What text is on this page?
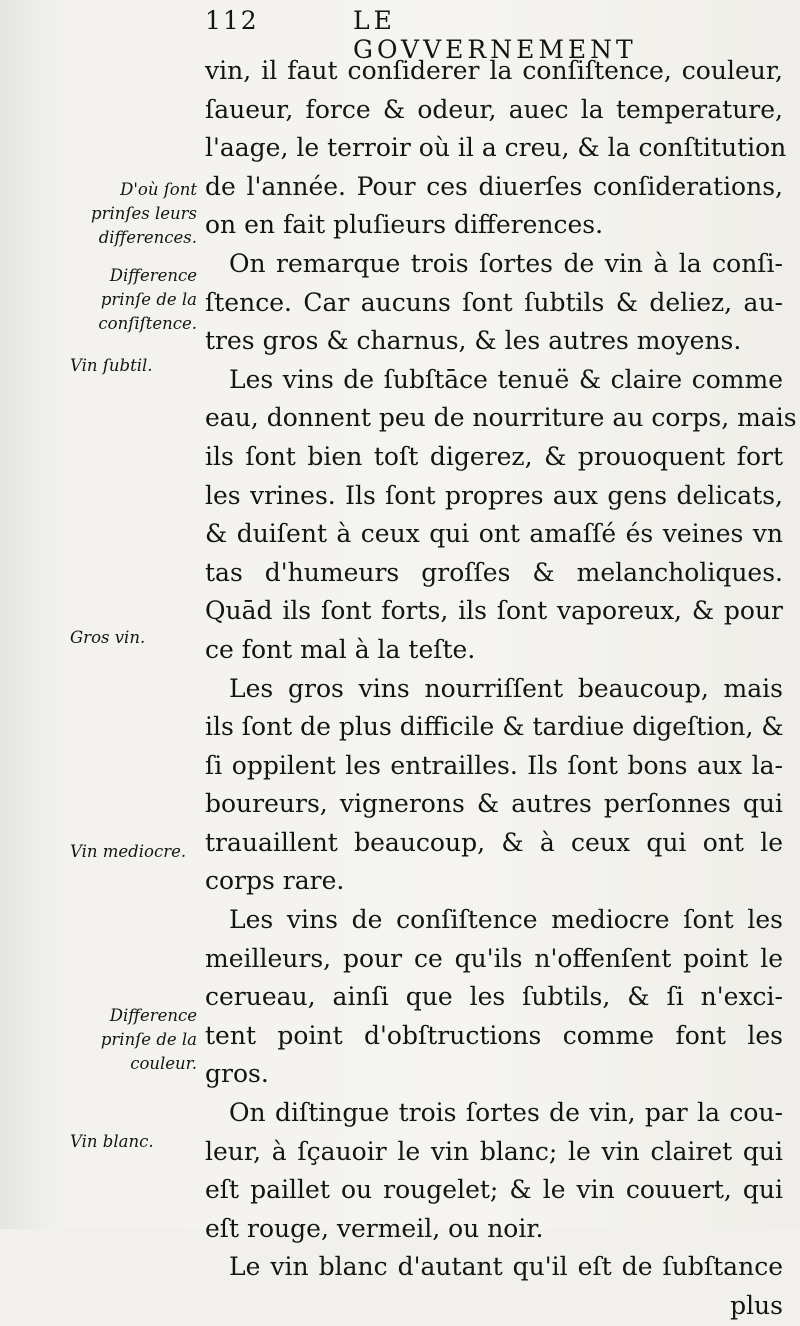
112	LE GOVVERNEMENT
vin, il faut conſiderer la conſiſtence, couleur,
ſaueur, force & odeur, auec la temperature,
l'aage, le terroir où il a creu, & la conſtitution
de l'année. Pour ces diuerſes conſiderations,
on en fait pluſieurs differences.
On remarque trois ſortes de vin à la conſi-
ſtence. Car aucuns ſont ſubtils & deliez, au-
tres gros & charnus, & les autres moyens.
Les vins de ſubſtāce tenuë & claire comme
eau, donnent peu de nourriture au corps, mais
ils ſont bien toſt digerez, & prouoquent fort
les vrines. Ils ſont propres aux gens delicats,
& duiſent à ceux qui ont amaſſé és veines vn
tas d'humeurs groſſes & melancholiques.
Quād ils ſont forts, ils ſont vaporeux, & pour
ce font mal à la teſte.
Les gros vins nourriſſent beaucoup, mais
ils ſont de plus difficile & tardiue digeſtion, &
ſi oppilent les entrailles. Ils ſont bons aux la-
boureurs, vignerons & autres perſonnes qui
trauaillent beaucoup, & à ceux qui ont le
corps rare.
Les vins de conſiſtence mediocre ſont les
meilleurs, pour ce qu'ils n'offenſent point le
cerueau, ainſi que les ſubtils, & ſi n'exci-
tent point d'obſtructions comme font les
gros.
On diſtingue trois ſortes de vin, par la cou-
leur, à ſçauoir le vin blanc; le vin clairet qui
eſt paillet ou rougelet; & le vin couuert, qui
eſt rouge, vermeil, ou noir.
Le vin blanc d'autant qu'il eſt de ſubſtance
plus
D'où ſont
prinſes leurs
differences.
Difference
prinſe de la
conſiſtence.
Vin ſubtil.
Gros vin.
Vin mediocre.
Difference
prinſe de la
couleur.
Vin blanc.
